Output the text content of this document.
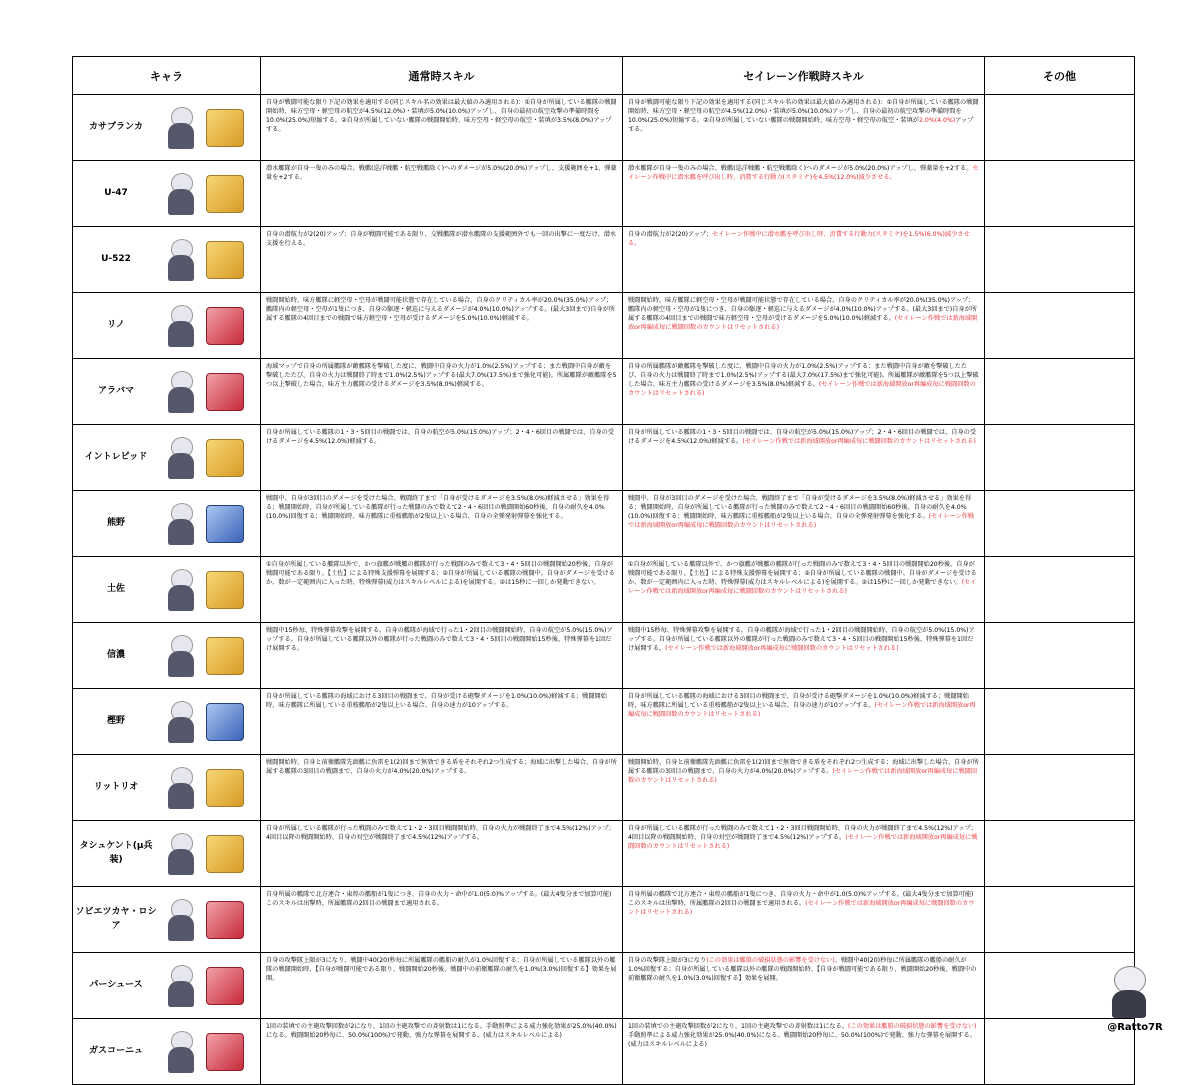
キャラ	通常時スキル	セイレーン作戦時スキル	その他

カサブランカ	自身が戦闘可能な限り下記の効果を適用する(同じスキル名の効果は最大値のみ適用される)：①自身が所属している艦隊の戦闘開始時、味方空母・軽空母の航空が4.5%(12.0%)・装填が5.0%(10.0%)アップし、自身の最初の航空攻撃の準備時間を10.0%(25.0%)短縮する。②自身が所属していない艦隊の戦闘開始時、味方空母・軽空母の航空・装填が3.5%(8.0%)アップする。	自身が戦闘可能な限り下記の効果を適用する(同じスキル名の効果は最大値のみ適用される)：①自身が所属している艦隊の戦闘開始時、味方空母・軽空母の航空が4.5%(12.0%)・装填が5.0%(10.0%)アップし、自身の最初の航空攻撃の準備時間を10.0%(25.0%)短縮する。②自身が所属していない艦隊の戦闘開始時、味方空母・軽空母の航空・装填が2.0%(4.0%)アップする。	

U-47	潜水艦隊が自身一隻のみの場合、戦艦(巡洋戦艦・航空戦艦除く)へのダメージが5.0%(20.0%)アップし、支援範囲を+1、弾薬量を+2する。	潜水艦隊が自身一隻のみの場合、戦艦(巡洋戦艦・航空戦艦除く)へのダメージが5.0%(20.0%)アップし、弾薬量を+2する。セイレーン作戦中に潜水艦を呼び出し時、消費する行動力(スタミナ)を4.5%(12.0%)減少させる。	

U-522	自身の潜航力が2(20)アップ；自身が戦闘可能である限り、交戦艦隊が潜水艦隊の支援範囲外でも一回の出撃に一度だけ、潜水支援を行える。	自身の潜航力が2(20)アップ；セイレーン作戦中に潜水艦を呼び出し時、消費する行動力(スタミナ)を1.5%(6.0%)減少させる。	

リノ	戦闘開始時、味方艦隊に軽空母・空母が戦闘可能状態で存在している場合、自身のクリティカル率が20.0%(35.0%)アップ；艦隊内の軽空母・空母が1隻につき、自身の駆逐・軽巡に与えるダメージが4.0%(10.0%)アップする。(最大3回まで)自身が所属する艦隊の4回目までの戦闘で味方軽空母・空母が受けるダメージを5.0%(10.0%)軽減する。	戦闘開始時、味方艦隊に軽空母・空母が戦闘可能状態で存在している場合、自身のクリティカル率が20.0%(35.0%)アップ；艦隊内の軽空母・空母が1隻につき、自身の駆逐・軽巡に与えるダメージが4.0%(10.0%)アップする。(最大3回まで)自身が所属する艦隊の4回目までの戦闘で味方軽空母・空母が受けるダメージを5.0%(10.0%)軽減する。(セイレーン作戦では新海域開放or再編成毎に戦闘回数のカウントはリセットされる)	

アラバマ	海域マップで自身の所属艦隊が敵艦隊を撃破した度に、戦闘中自身の火力が1.0%(2.5%)アップする；また戦闘中自身が敵を撃破したたび、自身の火力は戦闘終了時まで1.0%(2.5%)アップする(最大7.0%(17.5%)まで強化可能)。所属艦隊が敵艦隊を5つ以上撃破した場合、味方主力艦隊の受けるダメージを3.5%(8.0%)軽減する。	自身の所属艦隊が敵艦隊を撃破した度に、戦闘中自身の火力が1.0%(2.5%)アップする；また戦闘中自身が敵を撃破したたび、自身の火力は戦闘終了時まで1.0%(2.5%)アップする(最大7.0%(17.5%)まで強化可能)。所属艦隊が敵艦隊を5つ以上撃破した場合、味方主力艦隊の受けるダメージを3.5%(8.0%)軽減する。(セイレーン作戦では新海域開放or再編成毎に戦闘回数のカウントはリセットされる)	

イントレピッド	自身が所属している艦隊の1・3・5回目の戦闘では、自身の航空が5.0%(15.0%)アップ；2・4・6回目の戦闘では、自身の受けるダメージを4.5%(12.0%)軽減する。	自身が所属している艦隊の1・3・5回目の戦闘では、自身の航空が5.0%(15.0%)アップ；2・4・6回目の戦闘では、自身の受けるダメージを4.5%(12.0%)軽減する。(セイレーン作戦では新海域開放or再編成毎に戦闘回数のカウントはリセットされる)	

熊野	戦闘中、自身が3回目のダメージを受けた場合、戦闘終了まで「自身が受けるダメージを3.5%(8.0%)軽減させる」効果を得る；戦闘開始時、自身が所属している艦隊が行った戦闘のみで数えて2・4・6回目の戦闘開始60秒後、自身の耐久を4.0%(10.0%)回復する；戦闘開始時、味方艦隊に重桜艦船が2隻以上いる場合、自身の全弾発射弾幕を強化する。	戦闘中、自身が3回目のダメージを受けた場合、戦闘終了まで「自身が受けるダメージを3.5%(8.0%)軽減させる」効果を得る；戦闘開始時、自身が所属している艦隊が行った戦闘のみで数えて2・4・6回目の戦闘開始60秒後、自身の耐久を4.0%(10.0%)回復する；戦闘開始時、味方艦隊に重桜艦船が2隻以上いる場合、自身の全弾発射弾幕を強化する。(セイレーン作戦では新海域開放or再編成毎に戦闘回数のカウントはリセットされる)	

土佐	①自身が所属している艦隊以外で、かつ旗艦が戦艦の艦隊が行った戦闘のみで数えて3・4・5回目の戦闘開始20秒後、自身が戦闘可能である限り、【土佐】による特殊支援弾幕を展開する；②自身が所属している艦隊の戦闘中、自身がダメージを受けるか、数が一定範囲内に入った時、特殊弾幕(威力はスキルレベルによる)を展開する。②は15秒に一回しか発動できない。	①自身が所属している艦隊以外で、かつ旗艦が戦艦の艦隊が行った戦闘のみで数えて3・4・5回目の戦闘開始20秒後、自身が戦闘可能である限り、【土佐】による特殊支援弾幕を展開する；②自身が所属している艦隊の戦闘中、自身がダメージを受けるか、数が一定範囲内に入った時、特殊弾幕(威力はスキルレベルによる)を展開する。②は15秒に一回しか発動できない。(セイレーン作戦では新海域開放or再編成毎に戦闘回数のカウントはリセットされる)	

信濃	戦闘中15秒毎、特殊弾幕攻撃を展開する。自身の艦隊が海域で行った1・2回目の戦闘開始時、自身の航空が5.0%(15.0%)アップする。自身が所属している艦隊以外の艦隊が行った戦闘のみで数えて3・4・5回目の戦闘開始15秒後、特殊弾幕を1回だけ展開する。	戦闘中15秒毎、特殊弾幕攻撃を展開する。自身の艦隊が海域で行った1・2回目の戦闘開始時、自身の航空が5.0%(15.0%)アップする。自身が所属している艦隊以外の艦隊が行った戦闘のみで数えて3・4・5回目の戦闘開始15秒後、特殊弾幕を1回だけ展開する。(セイレーン作戦では新海域開放or再編成毎に戦闘回数のカウントはリセットされる)	

樫野	自身が所属している艦隊の海域における3回目の戦闘まで、自身が受ける砲撃ダメージを1.0%(10.0%)軽減する；戦闘開始時、味方艦隊に所属している重桜艦船が2隻以上いる場合、自身の速力が10アップする。	自身が所属している艦隊の海域における3回目の戦闘まで、自身が受ける砲撃ダメージを1.0%(10.0%)軽減する；戦闘開始時、味方艦隊に所属している重桜艦船が2隻以上いる場合、自身の速力が10アップする。(セイレーン作戦では新海域開放or再編成毎に戦闘回数のカウントはリセットされる)	

リットリオ	戦闘開始時、自身と前衛艦隊先頭艦に魚雷を1(2)回まで無効できる盾をそれぞれ2つ生成する；海域に出撃した場合、自身が所属する艦隊の3回目の戦闘まで、自身の火力が4.0%(20.0%)アップする。	戦闘開始時、自身と前衛艦隊先頭艦に魚雷を1(2)回まで無効できる盾をそれぞれ2つ生成する；海域に出撃した場合、自身が所属する艦隊の3回目の戦闘まで、自身の火力が4.0%(20.0%)アップする。(セイレーン作戦では新海域開放or再編成毎に戦闘回数のカウントはリセットされる)	

タシュケント(μ兵装)	自身が所属している艦隊が行った戦闘のみで数えて1・2・3回目戦闘開始時、自身の火力が戦闘終了まで4.5%(12%)アップ；4回目以降の戦闘開始時、自身の対空が戦闘終了まで4.5%(12%)アップする。	自身が所属している艦隊が行った戦闘のみで数えて1・2・3回目戦闘開始時、自身の火力が戦闘終了まで4.5%(12%)アップ；4回目以降の戦闘開始時、自身の対空が戦闘終了まで4.5%(12%)アップする。(セイレーン作戦では新海域開放or再編成毎に戦闘回数のカウントはリセットされる)	

ソビエツカヤ・ロシア	自身所属の艦隊で北方連合・東煌の艦船が1隻につき、自身の火力・命中が1.0(5.0)%アップする。(最大4隻分まで加算可能) このスキルは出撃時、所属艦隊の2回目の戦闘まで適用される。	自身所属の艦隊で北方連合・東煌の艦船が1隻につき、自身の火力・命中が1.0(5.0)%アップする。(最大4隻分まで加算可能) このスキルは出撃時、所属艦隊の2回目の戦闘まで適用される。(セイレーン作戦では新海域開放or再編成毎に戦闘回数のカウントはリセットされる)	

パーシュース	自身の攻撃隊上限が3になり、戦闘中40(20)秒毎に所属艦隊の艦船の耐久が1.0%回復する；自身が所属している艦隊以外の艦隊の戦闘開始時、【自身が戦闘可能である限り、戦闘開始20秒後、戦闘中の前衛艦隊の耐久を1.0%(3.0%)回復する】効果を展開。	自身の攻撃隊上限が3になり(この効果は艦船の破損状態の影響を受けない)、戦闘中40(20)秒毎に所属艦隊の艦船の耐久が1.0%回復する；自身が所属している艦隊以外の艦隊の戦闘開始時、【自身が戦闘可能である限り、戦闘開始20秒後、戦闘中の前衛艦隊の耐久を1.0%(3.0%)回復する】効果を展開。	

ガスコーニュ	1回の装填での主砲攻撃回数が2になり、1回の主砲攻撃での斉射数は1になる。手動照準による威力強化効果が25.0%(40.0%)になる。戦闘開始20秒毎に、50.0%(100%)で発動、強力な弾幕を展開する。(威力はスキルレベルによる)	1回の装填での主砲攻撃回数が2になり、1回の主砲攻撃での斉射数は1になる。(この効果は艦船の破損状態の影響を受けない)手動照準による威力強化効果が25.0%(40.0%)になる。戦闘開始20秒毎に、50.0%(100%)で発動、強力な弾幕を展開する。(威力はスキルレベルによる)	
@Ratto7R
